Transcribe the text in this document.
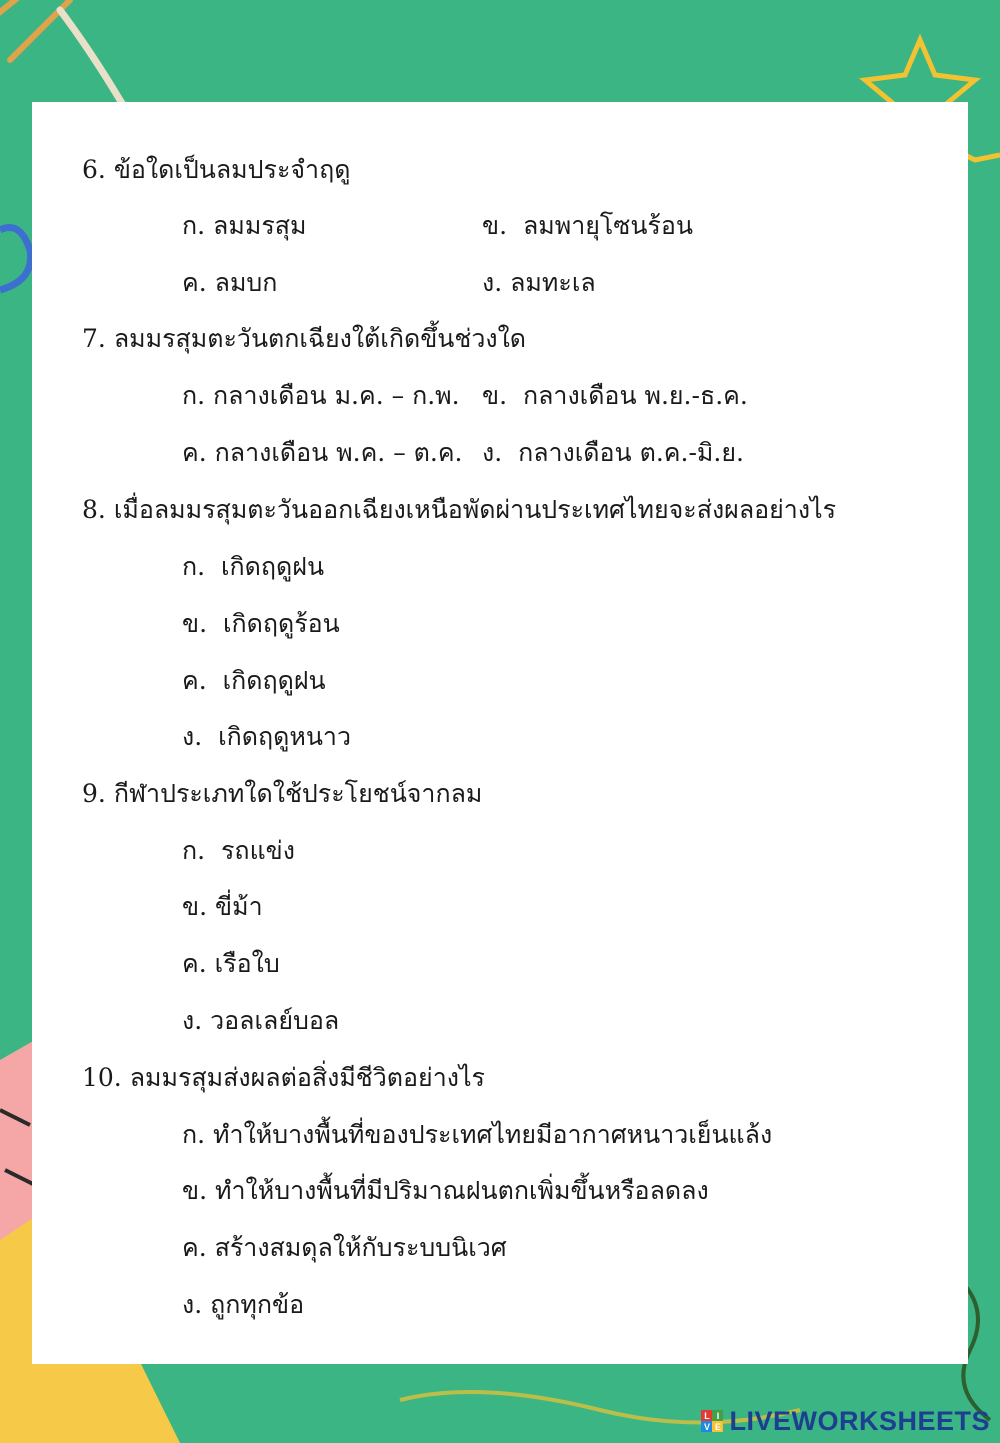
6. ข้อใดเป็นลมประจำฤดู
ก. ลมมรสุม	ข. ลมพายุโซนร้อน
ค. ลมบก	ง. ลมทะเล
7. ลมมรสุมตะวันตกเฉียงใต้เกิดขึ้นช่วงใด
ก. กลางเดือน ม.ค. – ก.พ. ข. กลางเดือน พ.ย.-ธ.ค.
ค. กลางเดือน พ.ค. – ต.ค. ง. กลางเดือน ต.ค.-มิ.ย.
8. เมื่อลมมรสุมตะวันออกเฉียงเหนือพัดผ่านประเทศไทยจะส่งผลอย่างไร
ก. เกิดฤดูฝน
ข. เกิดฤดูร้อน
ค. เกิดฤดูฝน
ง. เกิดฤดูหนาว
9. กีฬาประเภทใดใช้ประโยชน์จากลม
ก. รถแข่ง
ข. ขี่ม้า
ค. เรือใบ
ง. วอลเลย์บอล
10. ลมมรสุมส่งผลต่อสิ่งมีชีวิตอย่างไร
ก. ทำให้บางพื้นที่ของประเทศไทยมีอากาศหนาวเย็นแล้ง
ข. ทำให้บางพื้นที่มีปริมาณฝนตกเพิ่มขึ้นหรือลดลง
ค. สร้างสมดุลให้กับระบบนิเวศ
ง. ถูกทุกข้อ
L I
V E LIVEWORKSHEETS
